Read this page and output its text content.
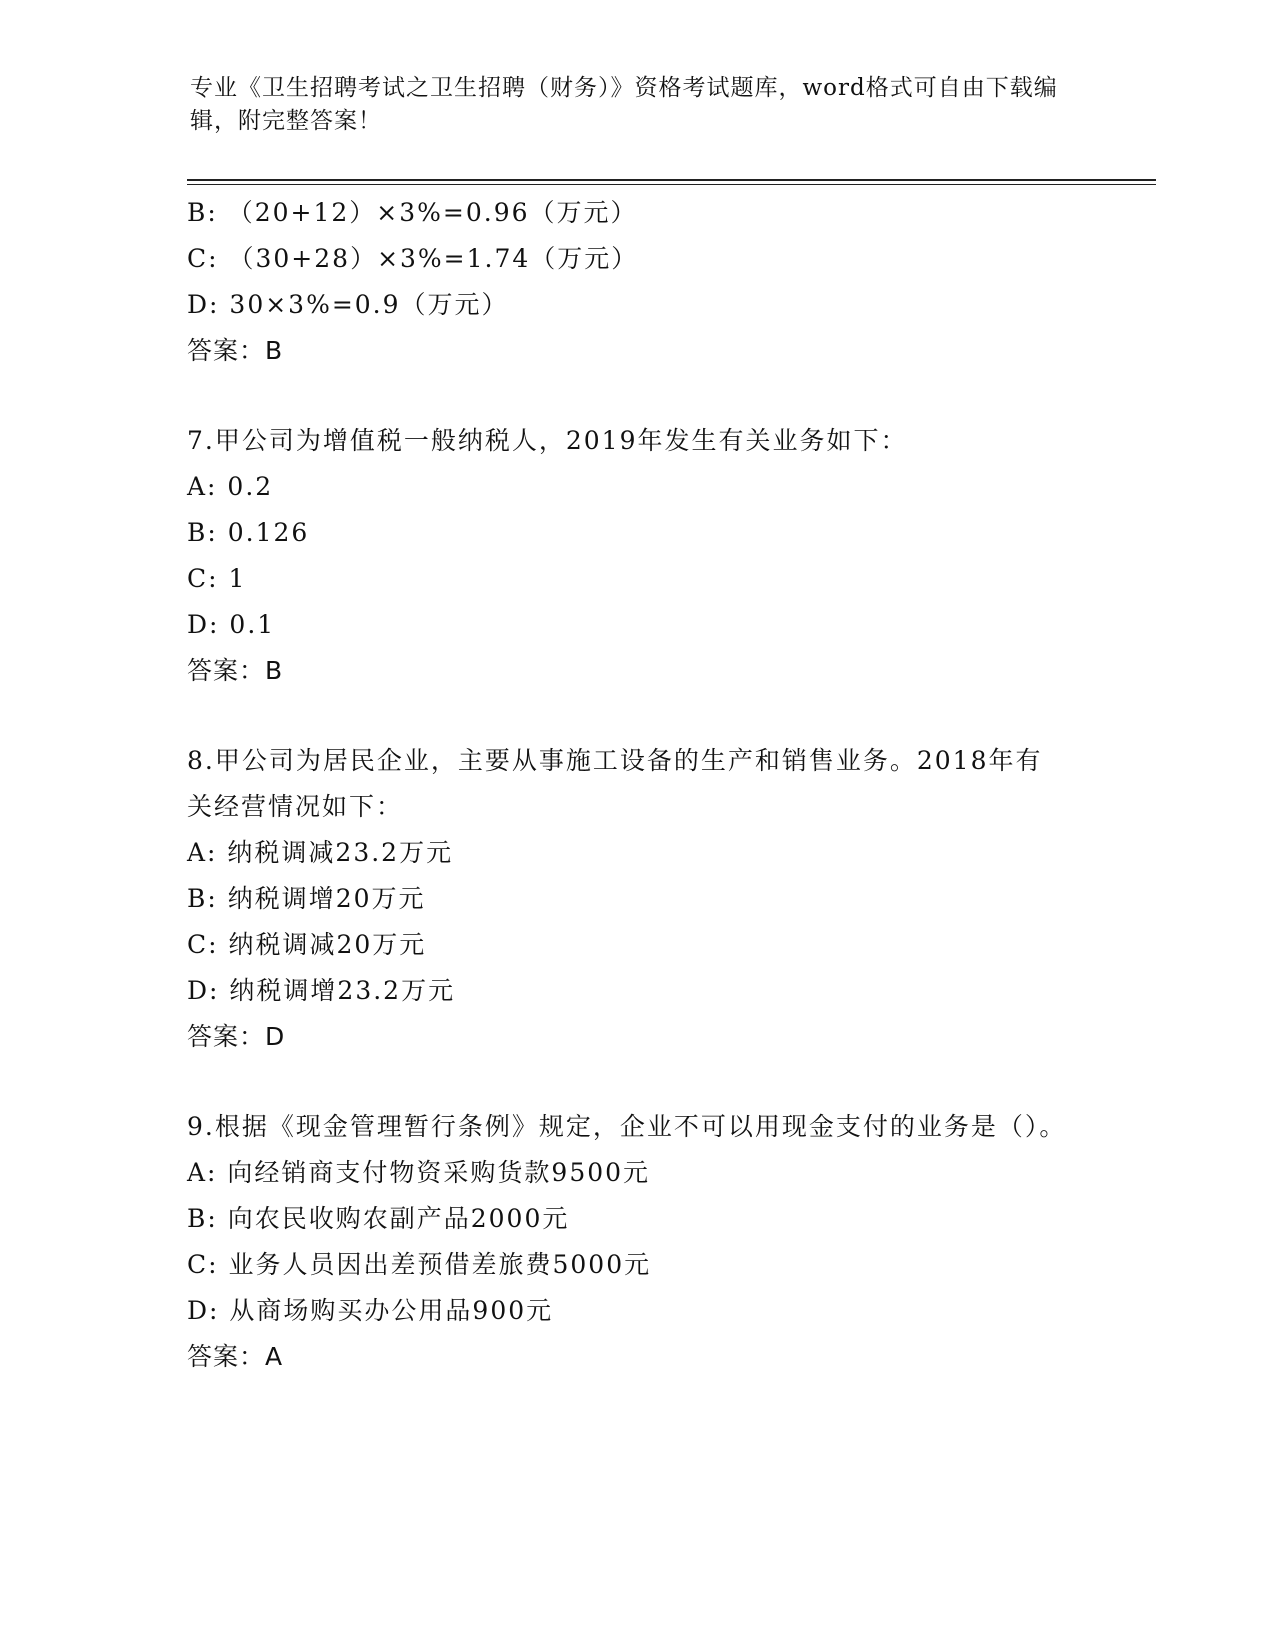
专业《卫生招聘考试之卫生招聘（财务）》资格考试题库，word格式可自由下载编辑，附完整答案！
B: （20+12）×3%=0.96（万元）
C: （30+28）×3%=1.74（万元）
D: 30×3%=0.9（万元）
答案：B
7.甲公司为增值税一般纳税人，2019年发生有关业务如下：
A: 0.2
B: 0.126
C: 1
D: 0.1
答案：B
8.甲公司为居民企业，主要从事施工设备的生产和销售业务。2018年有关经营情况如下：
A: 纳税调减23.2万元
B: 纳税调增20万元
C: 纳税调减20万元
D: 纳税调增23.2万元
答案：D
9.根据《现金管理暂行条例》规定，企业不可以用现金支付的业务是（）。
A: 向经销商支付物资采购货款9500元
B: 向农民收购农副产品2000元
C: 业务人员因出差预借差旅费5000元
D: 从商场购买办公用品900元
答案：A
